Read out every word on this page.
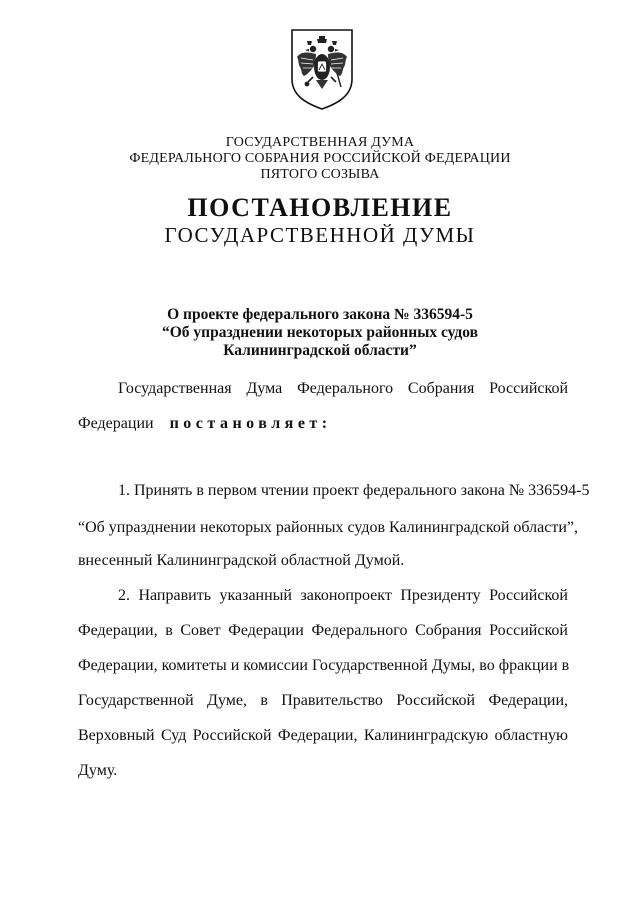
ГОСУДАРСТВЕННАЯ ДУМА
ФЕДЕРАЛЬНОГО СОБРАНИЯ РОССИЙСКОЙ ФЕДЕРАЦИИ
ПЯТОГО СОЗЫВА
ПОСТАНОВЛЕНИЕ
ГОСУДАРСТВЕННОЙ ДУМЫ
О проекте федерального закона № 336594-5
“Об упразднении некоторых районных судов
Калининградской области”
Государственная Дума Федерального Собрания Российской
Федерации постановляет:
1. Принять в первом чтении проект федерального закона № 336594-5
“Об упразднении некоторых районных судов Калининградской области”,
внесенный Калининградской областной Думой.
2. Направить указанный законопроект Президенту Российской
Федерации, в Совет Федерации Федерального Собрания Российской
Федерации, комитеты и комиссии Государственной Думы, во фракции в
Государственной Думе, в Правительство Российской Федерации,
Верховный Суд Российской Федерации, Калининградскую областную
Думу.
